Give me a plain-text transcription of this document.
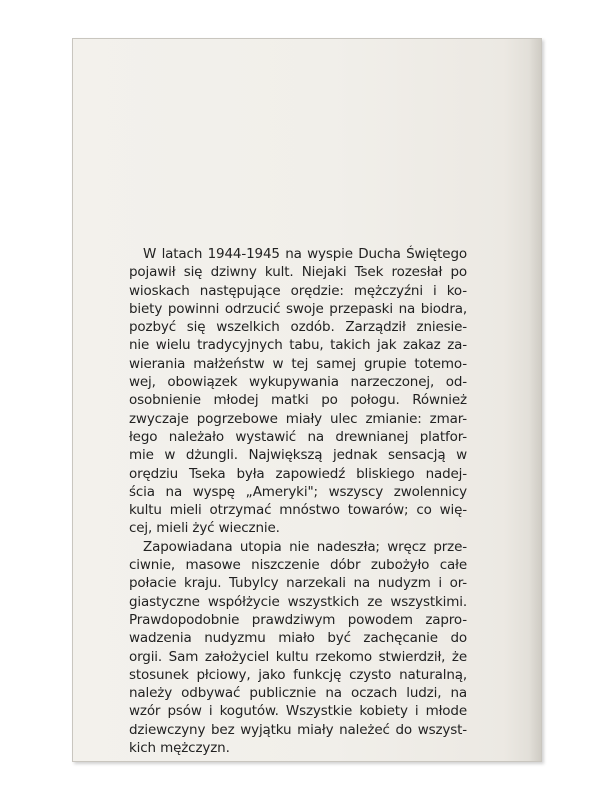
W latach 1944-1945 na wyspie Ducha Świętego
pojawił się dziwny kult. Niejaki Tsek rozesłał po
wioskach następujące orędzie: mężczyźni i ko-
biety powinni odrzucić swoje przepaski na biodra,
pozbyć się wszelkich ozdób. Zarządził zniesie-
nie wielu tradycyjnych tabu, takich jak zakaz za-
wierania małżeństw w tej samej grupie totemo-
wej, obowiązek wykupywania narzeczonej, od-
osobnienie młodej matki po połogu. Również
zwyczaje pogrzebowe miały ulec zmianie: zmar-
łego należało wystawić na drewnianej platfor-
mie w dżungli. Największą jednak sensacją w
orędziu Tseka była zapowiedź bliskiego nadej-
ścia na wyspę „Ameryki"; wszyscy zwolennicy
kultu mieli otrzymać mnóstwo towarów; co wię-
cej, mieli żyć wiecznie.
Zapowiadana utopia nie nadeszła; wręcz prze-
ciwnie, masowe niszczenie dóbr zubożyło całe
połacie kraju. Tubylcy narzekali na nudyzm i or-
giastyczne współżycie wszystkich ze wszystkimi.
Prawdopodobnie prawdziwym powodem zapro-
wadzenia nudyzmu miało być zachęcanie do
orgii. Sam założyciel kultu rzekomo stwierdził, że
stosunek płciowy, jako funkcję czysto naturalną,
należy odbywać publicznie na oczach ludzi, na
wzór psów i kogutów. Wszystkie kobiety i młode
dziewczyny bez wyjątku miały należeć do wszyst-
kich mężczyzn.
